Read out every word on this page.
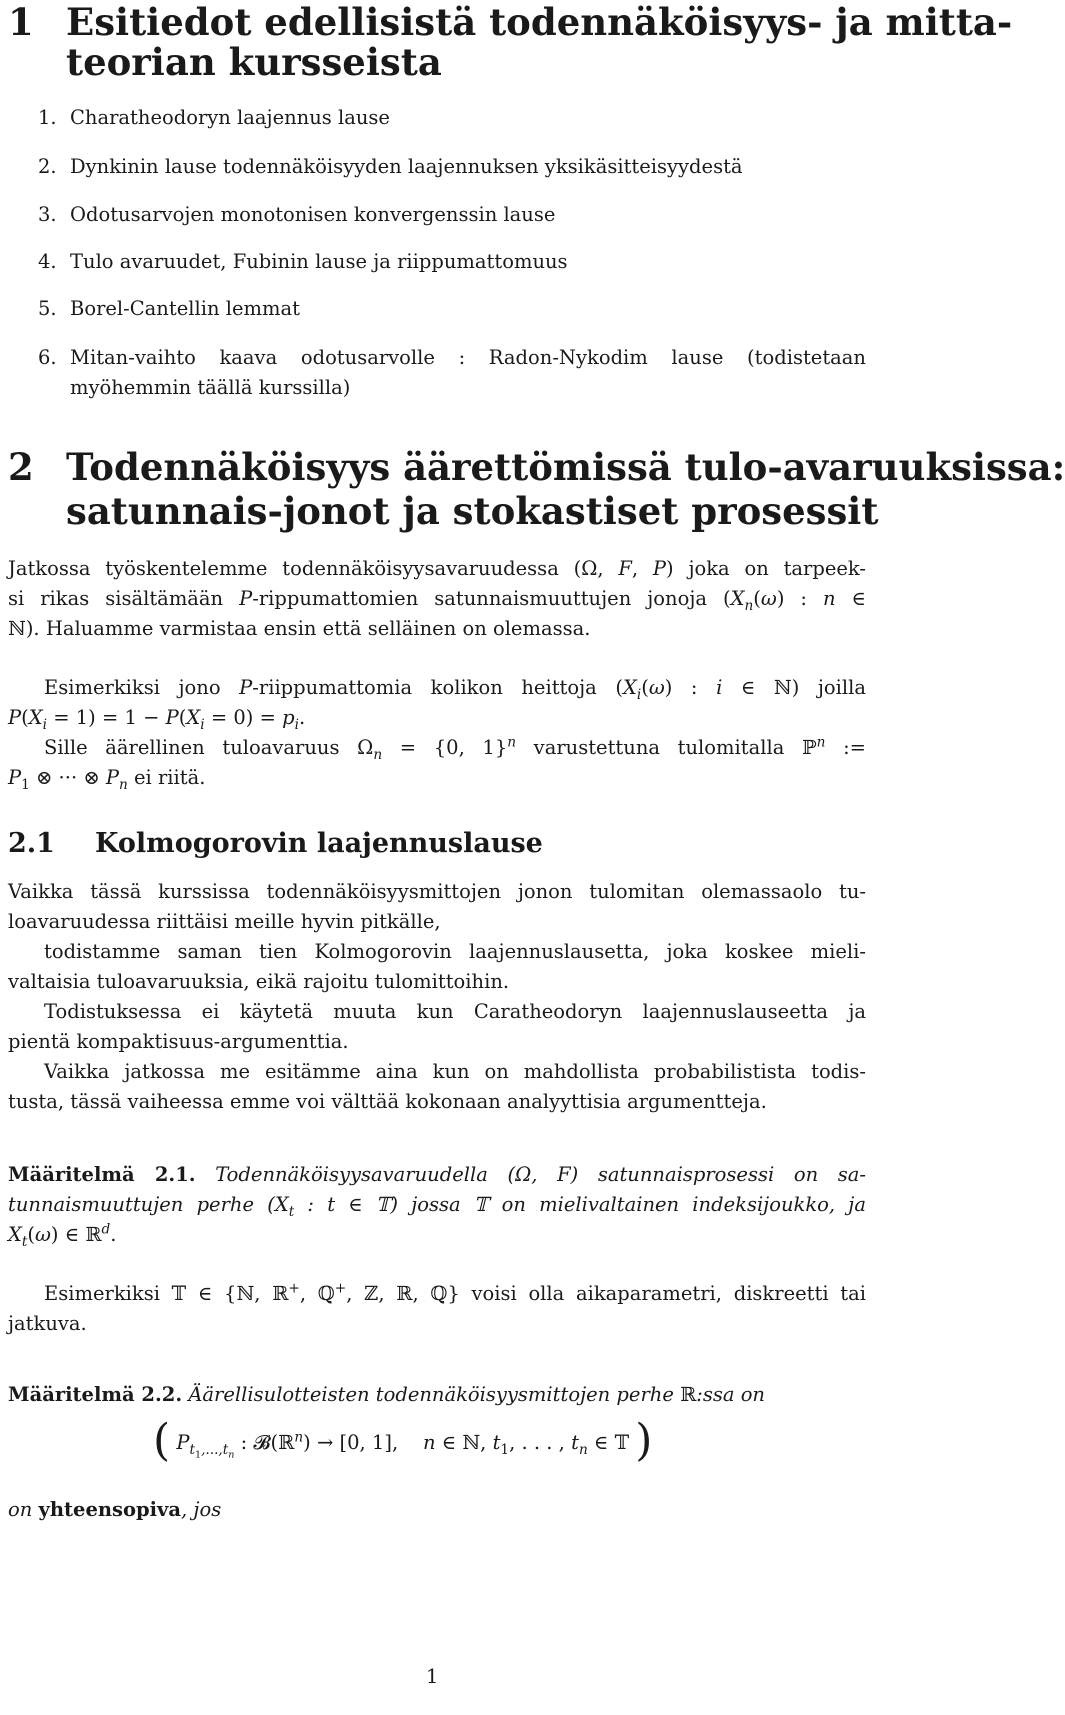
1 Esitiedot edellisistä todennäköisyys- ja mitta-
teorian kursseista
1. Charatheodoryn laajennus lause
2. Dynkinin lause todennäköisyyden laajennuksen yksikäsitteisyydestä
3. Odotusarvojen monotonisen konvergenssin lause
4. Tulo avaruudet, Fubinin lause ja riippumattomuus
5. Borel-Cantellin lemmat
6. Mitan-vaihto kaava odotusarvolle : Radon-Nykodim lause (todistetaan
myöhemmin täällä kurssilla)
2 Todennäköisyys äärettömissä tulo-avaruuksissa:
satunnais-jonot ja stokastiset prosessit
Jatkossa työskentelemme todennäköisyysavaruudessa (Ω, F, P) joka on tarpeek-
si rikas sisältämään P-rippumattomien satunnaismuuttujen jonoja ($X_n(\omega)$ : n ∈
ℕ). Haluamme varmistaa ensin että selläinen on olemassa.
Esimerkiksi jono P-riippumattomia kolikon heittoja ($X_i(\omega)$ : i ∈ ℕ) joilla
$P(X_i = 1) = 1 - P(X_i = 0) = p_i$.
Sille äärellinen tuloavaruus $\Omega_n = \{0$, 1}$^n$ varustettuna tulomitalla ℙ$^n$ :=
$P_1$ ⊗ ··· ⊗ $P_n$ ei riitä.
2.1 Kolmogorovin laajennuslause
Vaikka tässä kurssissa todennäköisyysmittojen jonon tulomitan olemassaolo tu-
loavaruudessa riittäisi meille hyvin pitkälle,
todistamme saman tien Kolmogorovin laajennuslausetta, joka koskee mieli-
valtaisia tuloavaruuksia, eikä rajoitu tulomittoihin.
Todistuksessa ei käytetä muuta kun Caratheodoryn laajennuslauseetta ja
pientä kompaktisuus-argumenttia.
Vaikka jatkossa me esitämme aina kun on mahdollista probabilistista todis-
tusta, tässä vaiheessa emme voi välttää kokonaan analyyttisia argumentteja.
Määritelmä 2.1. Todennäköisyysavaruudella (Ω, F) satunnaisprosessi on sa-
tunnaismuuttujen perhe ($X_t$ : t ∈ 𝕋) jossa 𝕋 on mielivaltainen indeksijoukko, ja
$X_t(\omega)$ ∈ ℝ$^d$.
Esimerkiksi 𝕋 ∈ {ℕ, ℝ+, ℚ+, ℤ, ℝ, ℚ} voisi olla aikaparametri, diskreetti tai
jatkuva.
Määritelmä 2.2. Äärellisulotteisten todennäköisyysmittojen perhe ℝ:ssa on
( $P_{t_1,...,t_n}$ : 𝓑(ℝ$^n$) → [0, 1], n ∈ ℕ, $t_1$, . . . , $t_n$ ∈ 𝕋 )
on yhteensopiva, jos
1
